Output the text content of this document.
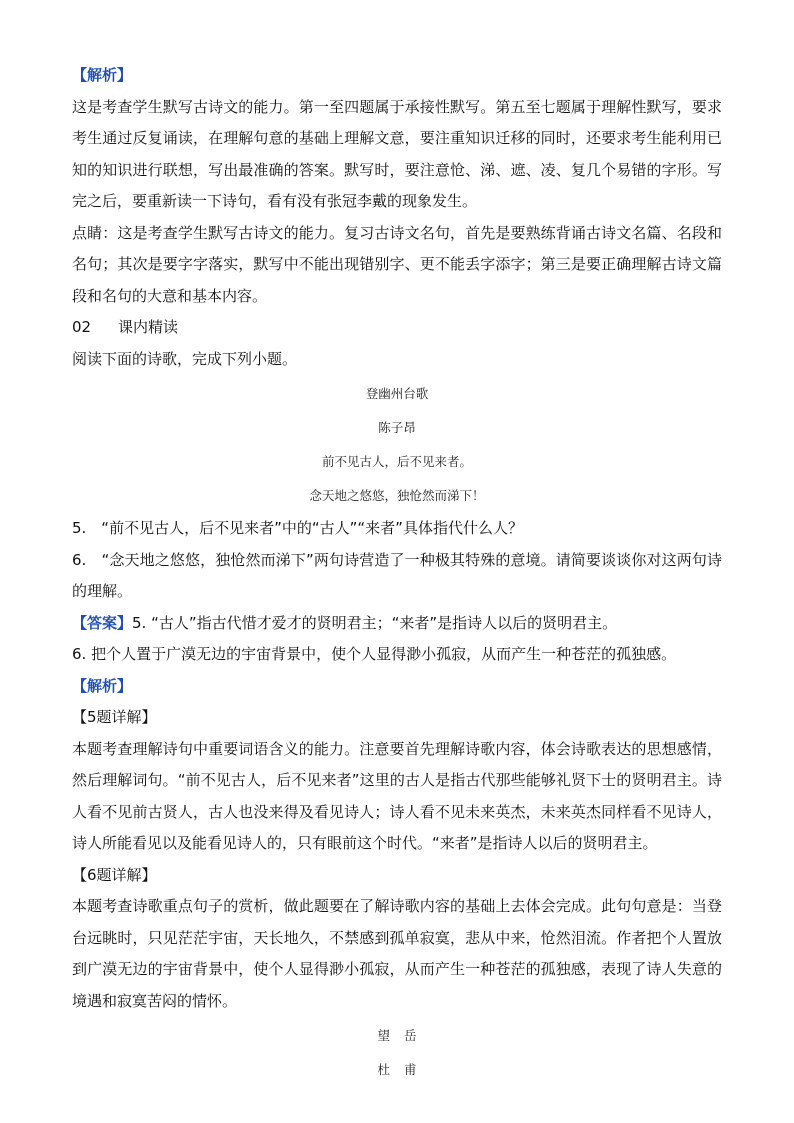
【解析】

这是考查学生默写古诗文的能力。第一至四题属于承接性默写。第五至七题属于理解性默写，要求考生通过反复诵读，在理解句意的基础上理解文意，要注重知识迁移的同时，还要求考生能利用已知的知识进行联想，写出最准确的答案。默写时，要注意怆、涕、遮、凌、复几个易错的字形。写完之后，要重新读一下诗句，看有没有张冠李戴的现象发生。

点睛：这是考查学生默写古诗文的能力。复习古诗文名句，首先是要熟练背诵古诗文名篇、名段和名句；其次是要字字落实，默写中不能出现错别字、更不能丢字添字；第三是要正确理解古诗文篇段和名句的大意和基本内容。

02 课内精读

阅读下面的诗歌，完成下列小题。

登幽州台歌

陈子昂

前不见古人，后不见来者。

念天地之悠悠，独怆然而涕下！

5.　“前不见古人，后不见来者”中的“古人”“来者”具体指代什么人？

6.　“念天地之悠悠，独怆然而涕下”两句诗营造了一种极其特殊的意境。请简要谈谈你对这两句诗的理解。

【答案】5. “古人”指古代惜才爱才的贤明君主；“来者”是指诗人以后的贤明君主。

6. 把个人置于广漠无边的宇宙背景中，使个人显得渺小孤寂，从而产生一种苍茫的孤独感。

【解析】

【5题详解】

本题考查理解诗句中重要词语含义的能力。注意要首先理解诗歌内容，体会诗歌表达的思想感情，然后理解词句。“前不见古人，后不见来者”这里的古人是指古代那些能够礼贤下士的贤明君主。诗人看不见前古贤人，古人也没来得及看见诗人；诗人看不见未来英杰，未来英杰同样看不见诗人，诗人所能看见以及能看见诗人的，只有眼前这个时代。“来者”是指诗人以后的贤明君主。

【6题详解】

本题考查诗歌重点句子的赏析，做此题要在了解诗歌内容的基础上去体会完成。此句句意是：当登台远眺时，只见茫茫宇宙，天长地久，不禁感到孤单寂寞，悲从中来，怆然泪流。作者把个人置放到广漠无边的宇宙背景中，使个人显得渺小孤寂，从而产生一种苍茫的孤独感，表现了诗人失意的境遇和寂寞苦闷的情怀。

望岳

杜甫
